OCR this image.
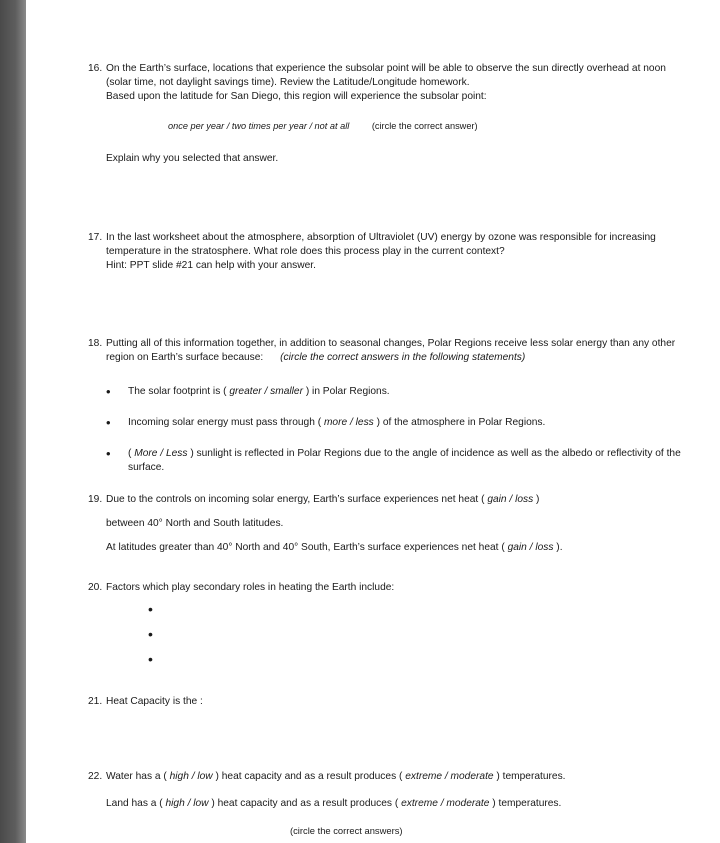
16. On the Earth’s surface, locations that experience the subsolar point will be able to observe the sun directly overhead at noon (solar time, not daylight savings time). Review the Latitude/Longitude homework.
Based upon the latitude for San Diego, this region will experience the subsolar point:
once per year / two times per year / not at all (circle the correct answer)
Explain why you selected that answer.
17. In the last worksheet about the atmosphere, absorption of Ultraviolet (UV) energy by ozone was responsible for increasing temperature in the stratosphere. What role does this process play in the current context?
Hint: PPT slide #21 can help with your answer.
18. Putting all of this information together, in addition to seasonal changes, Polar Regions receive less solar energy than any other region on Earth’s surface because: (circle the correct answers in the following statements)
• The solar footprint is ( greater / smaller ) in Polar Regions.
• Incoming solar energy must pass through ( more / less ) of the atmosphere in Polar Regions.
• ( More / Less ) sunlight is reflected in Polar Regions due to the angle of incidence as well as the albedo or reflectivity of the surface.
19. Due to the controls on incoming solar energy, Earth’s surface experiences net heat ( gain / loss )
between 40° North and South latitudes.
At latitudes greater than 40° North and 40° South, Earth’s surface experiences net heat ( gain / loss ).
20. Factors which play secondary roles in heating the Earth include:
•
•
•
21. Heat Capacity is the :
22. Water has a ( high / low ) heat capacity and as a result produces ( extreme / moderate ) temperatures.
Land has a ( high / low ) heat capacity and as a result produces ( extreme / moderate ) temperatures.
(circle the correct answers)
